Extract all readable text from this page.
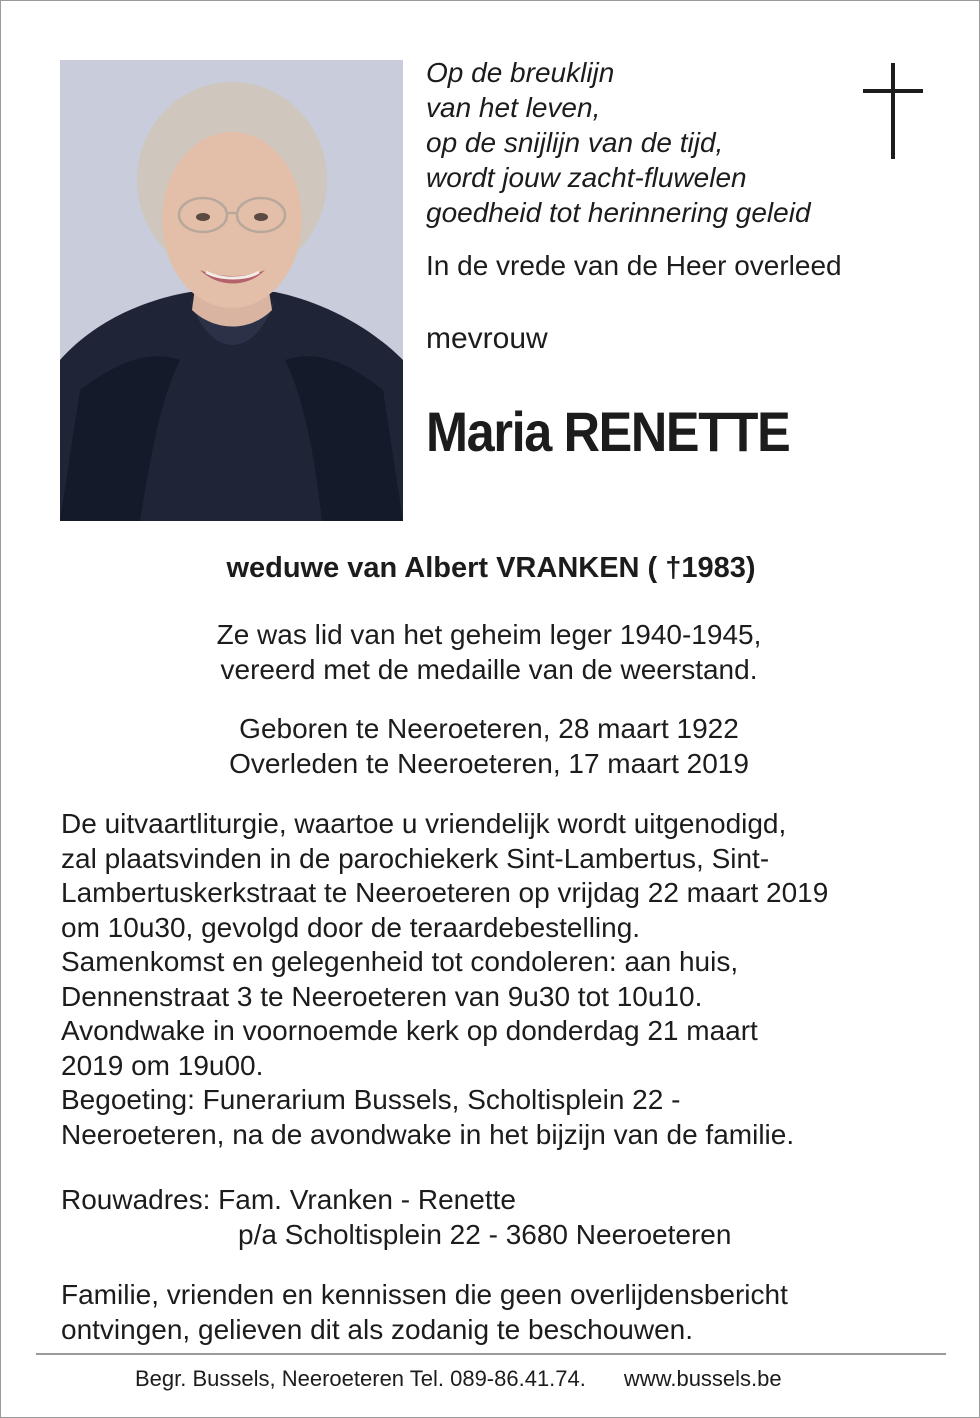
Op de breuklijn
van het leven,
op de snijlijn van de tijd,
wordt jouw zacht-fluwelen
goedheid tot herinnering geleid
In de vrede van de Heer overleed
mevrouw
Maria RENETTE
weduwe van Albert VRANKEN ( †1983)
Ze was lid van het geheim leger 1940-1945,
vereerd met de medaille van de weerstand.
Geboren te Neeroeteren, 28 maart 1922
Overleden te Neeroeteren, 17 maart 2019
De uitvaartliturgie, waartoe u vriendelijk wordt uitgenodigd,
zal plaatsvinden in de parochiekerk Sint-Lambertus, Sint-
Lambertuskerkstraat te Neeroeteren op vrijdag 22 maart 2019
om 10u30, gevolgd door de teraardebestelling.
Samenkomst en gelegenheid tot condoleren: aan huis,
Dennenstraat 3 te Neeroeteren van 9u30 tot 10u10.
Avondwake in voornoemde kerk op donderdag 21 maart
2019 om 19u00.
Begoeting: Funerarium Bussels, Scholtisplein 22 -
Neeroeteren, na de avondwake in het bijzijn van de familie.
Rouwadres: Fam. Vranken - Renette
p/a Scholtisplein 22 - 3680 Neeroeteren
Familie, vrienden en kennissen die geen overlijdensbericht
ontvingen, gelieven dit als zodanig te beschouwen.
Begr. Bussels, Neeroeteren Tel. 089-86.41.74. www.bussels.be
